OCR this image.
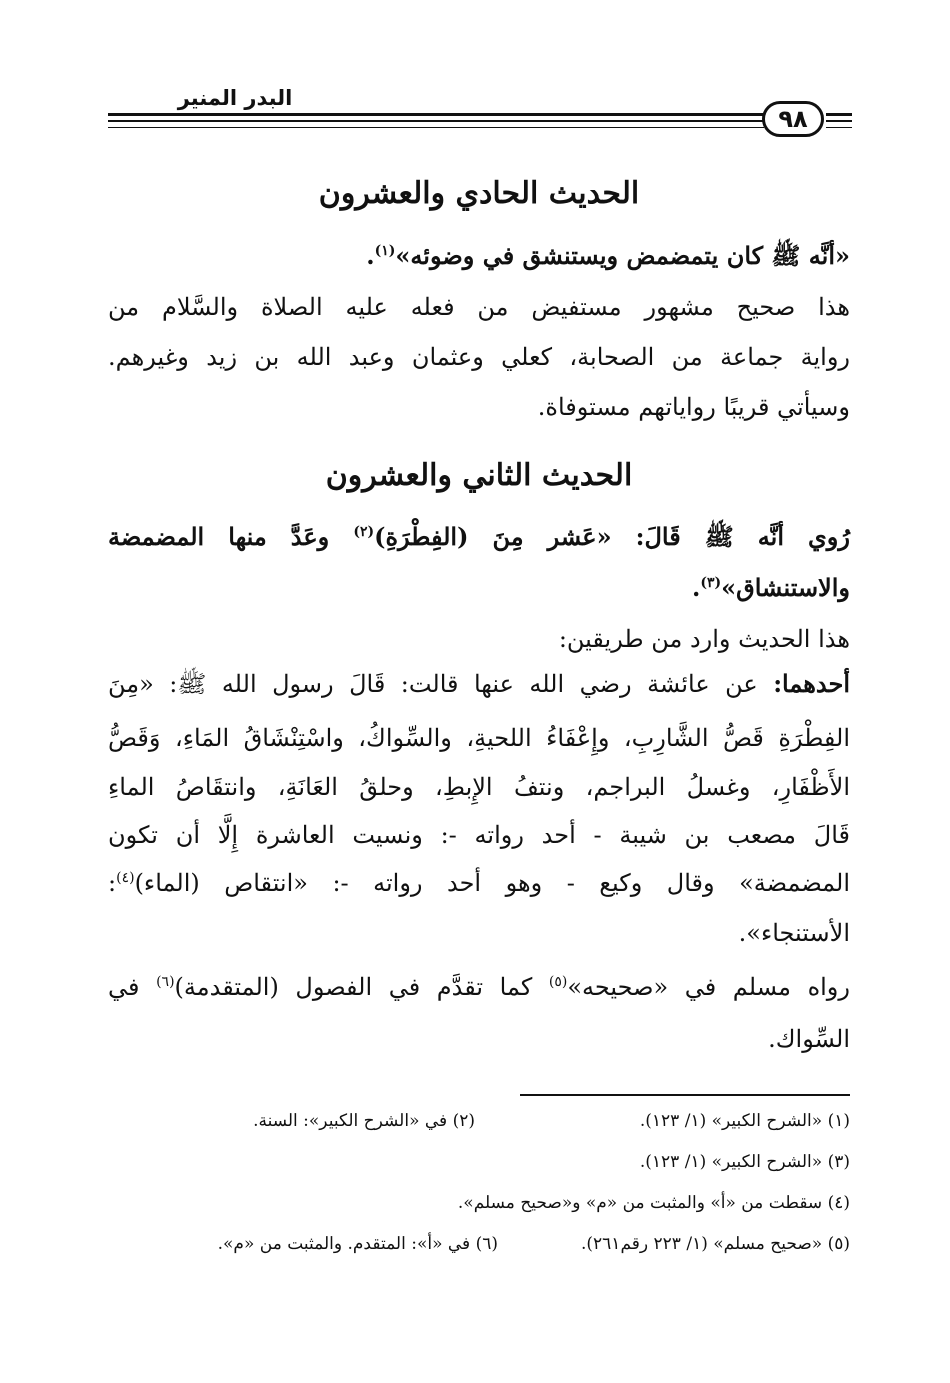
البدر المنير
٩٨
الحديث الحادي والعشرون
«أنَّه ﷺ كان يتمضمض ويستنشق في وضوئه»$^{(١)}$.
هذا صحيح مشهور مستفيض من فعله عليه الصلاة والسَّلام من
رواية جماعة من الصحابة، كعلي وعثمان وعبد الله بن زيد وغيرهم.
وسيأتي قريبًا رواياتهم مستوفاة.
الحديث الثاني والعشرون
رُوي أنَّه ﷺ قَالَ: «عَشر مِنَ (الفِطْرَةِ)$^{(٢)}$ وعَدَّ منها المضمضة
والاستنشاق»$^{(٣)}$.
هذا الحديث وارد من طريقين:
أحدهما: عن عائشة رضي الله عنها قالت: قَالَ رسول الله ﷺ: «مِنَ
الفِطْرَةِ قَصُّ الشَّارِبِ، وإِعْفَاءُ اللحيةِ، والسِّواكُ، واسْتِنْشَاقُ المَاءِ، وَقَصُّ
الأَظْفَارِ، وغسلُ البراجم، ونتفُ الإِبطِ، وحلقُ العَانَةِ، وانتقَاصُ الماءِ
قَالَ مصعب بن شيبة - أحد رواته -: ونسيت العاشرة إِلَّا أن تكون
المضمضة» وقال وكيع - وهو أحد رواته -: «انتقاص (الماء)$^{(٤)}$:
الأستنجاء».
رواه مسلم في «صحيحه»$^{(٥)}$ كما تقدَّم في الفصول (المتقدمة)$^{(٦)}$ في
السِّواك.
(١) «الشرح الكبير» (١/ ١٢٣).
(٢) في «الشرح الكبير»: السنة.
(٣) «الشرح الكبير» (١/ ١٢٣).
(٤) سقطت من «أ» والمثبت من «م» و«صحيح مسلم».
(٥) «صحيح مسلم» (١/ ٢٢٣ رقم٢٦١).
(٦) في «أ»: المتقدم. والمثبت من «م».
